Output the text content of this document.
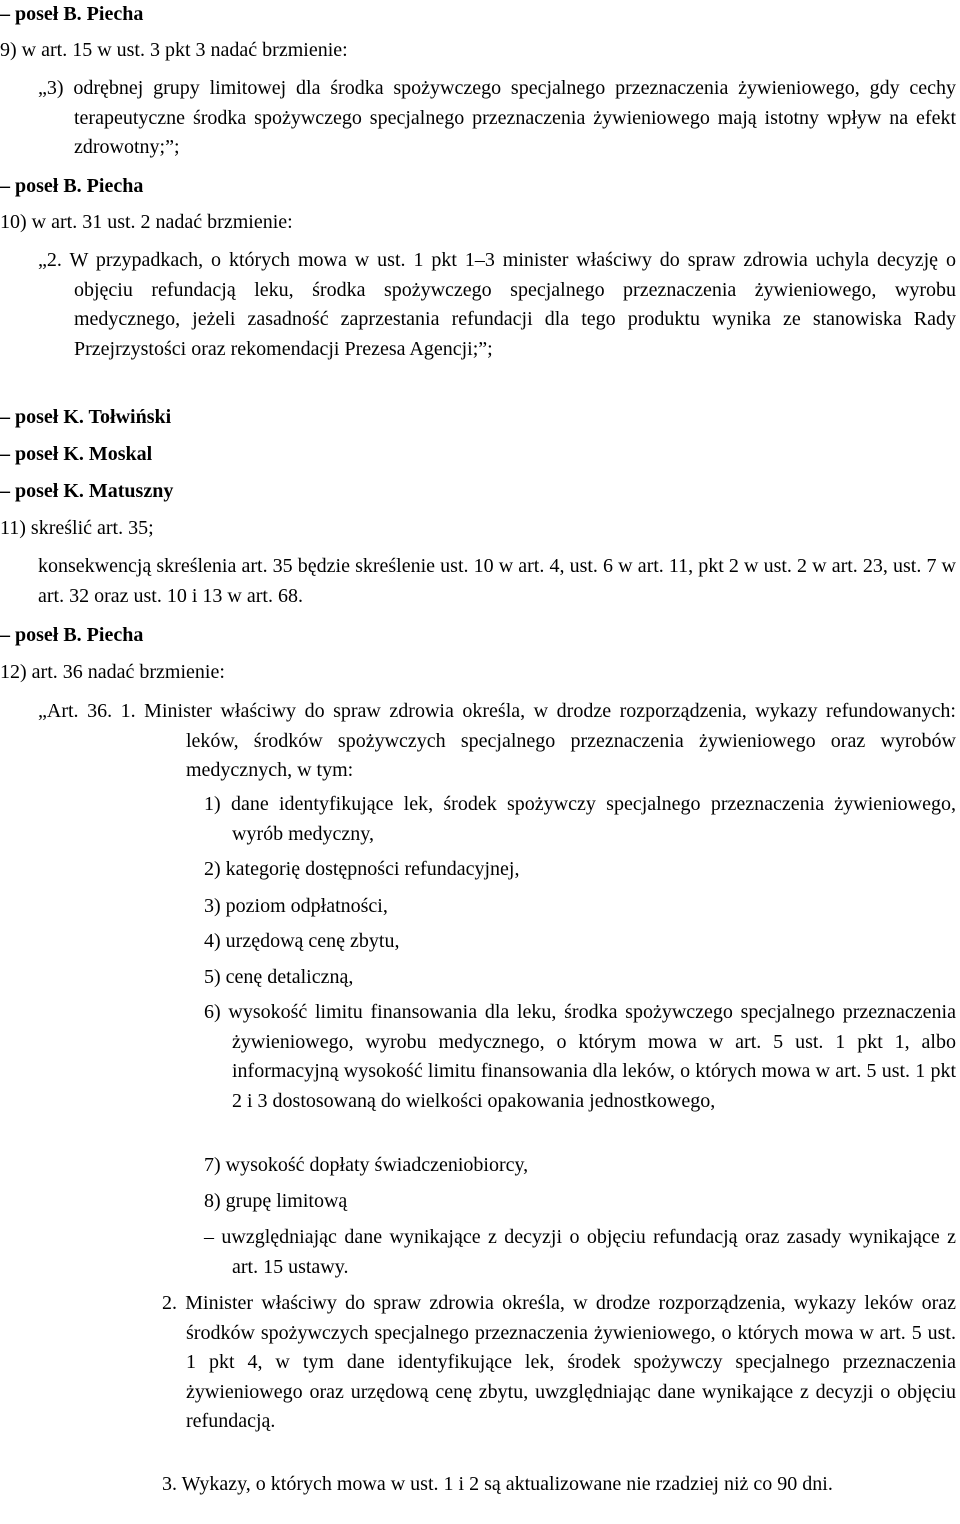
– poseł B. Piecha

9) w art. 15 w ust. 3 pkt 3 nadać brzmienie:

„3) odrębnej grupy limitowej dla środka spożywczego specjalnego przeznaczenia żywieniowego, gdy cechy terapeutyczne środka spożywczego specjalnego przeznaczenia żywieniowego mają istotny wpływ na efekt zdrowotny;”;

– poseł B. Piecha

10) w art. 31 ust. 2 nadać brzmienie:

„2. W przypadkach, o których mowa w ust. 1 pkt 1–3 minister właściwy do spraw zdrowia uchyla decyzję o objęciu refundacją leku, środka spożywczego specjalnego przeznaczenia żywieniowego, wyrobu medycznego, jeżeli zasadność zaprzestania refundacji dla tego produktu wynika ze stanowiska Rady Przejrzystości oraz rekomendacji Prezesa Agencji;”;

– poseł K. Tołwiński

– poseł K. Moskal

– poseł K. Matuszny

11) skreślić art. 35;

konsekwencją skreślenia art. 35 będzie skreślenie ust. 10 w art. 4, ust. 6 w art. 11, pkt 2 w ust. 2 w art. 23, ust. 7 w art. 32 oraz ust. 10 i 13 w art. 68.

– poseł B. Piecha

12) art. 36 nadać brzmienie:

„Art. 36. 1. Minister właściwy do spraw zdrowia określa, w drodze rozporządzenia, wykazy refundowanych: leków, środków spożywczych specjalnego przeznaczenia żywieniowego oraz wyrobów medycznych, w tym:

1) dane identyfikujące lek, środek spożywczy specjalnego przeznaczenia żywieniowego, wyrób medyczny,

2) kategorię dostępności refundacyjnej,

3) poziom odpłatności,

4) urzędową cenę zbytu,

5) cenę detaliczną,

6) wysokość limitu finansowania dla leku, środka spożywczego specjalnego przeznaczenia żywieniowego, wyrobu medycznego, o którym mowa w art. 5 ust. 1 pkt 1, albo informacyjną wysokość limitu finansowania dla leków, o których mowa w art. 5 ust. 1 pkt 2 i 3 dostosowaną do wielkości opakowania jednostkowego,

7) wysokość dopłaty świadczeniobiorcy,

8) grupę limitową

– uwzględniając dane wynikające z decyzji o objęciu refundacją oraz zasady wynikające z art. 15 ustawy.

2. Minister właściwy do spraw zdrowia określa, w drodze rozporządzenia, wykazy leków oraz środków spożywczych specjalnego przeznaczenia żywieniowego, o których mowa w art. 5 ust. 1 pkt 4, w tym dane identyfikujące lek, środek spożywczy specjalnego przeznaczenia żywieniowego oraz urzędową cenę zbytu, uwzględniając dane wynikające z decyzji o objęciu refundacją.

3. Wykazy, o których mowa w ust. 1 i 2 są aktualizowane nie rzadziej niż co 90 dni.
